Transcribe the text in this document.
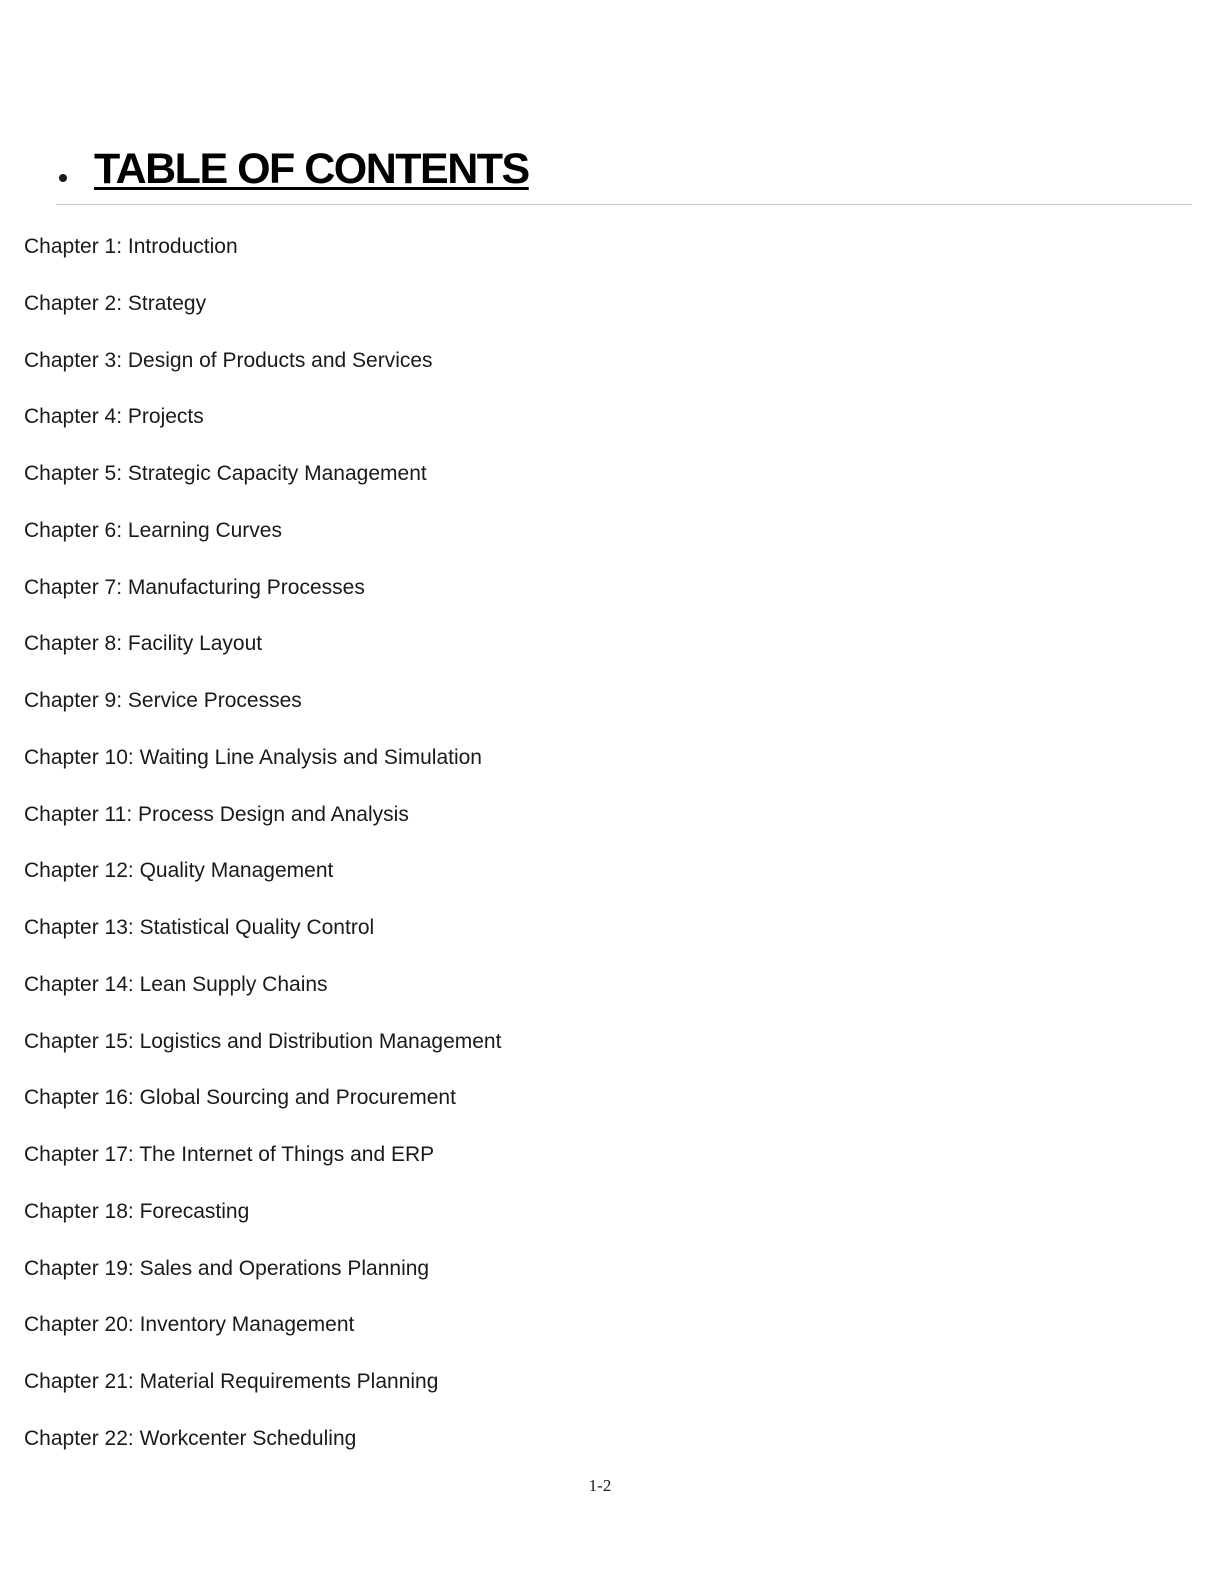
TABLE OF CONTENTS
Chapter 1: Introduction
Chapter 2: Strategy
Chapter 3: Design of Products and Services
Chapter 4: Projects
Chapter 5: Strategic Capacity Management
Chapter 6: Learning Curves
Chapter 7: Manufacturing Processes
Chapter 8: Facility Layout
Chapter 9: Service Processes
Chapter 10: Waiting Line Analysis and Simulation
Chapter 11: Process Design and Analysis
Chapter 12: Quality Management
Chapter 13: Statistical Quality Control
Chapter 14: Lean Supply Chains
Chapter 15: Logistics and Distribution Management
Chapter 16: Global Sourcing and Procurement
Chapter 17: The Internet of Things and ERP
Chapter 18: Forecasting
Chapter 19: Sales and Operations Planning
Chapter 20: Inventory Management
Chapter 21: Material Requirements Planning
Chapter 22: Workcenter Scheduling
1-2
